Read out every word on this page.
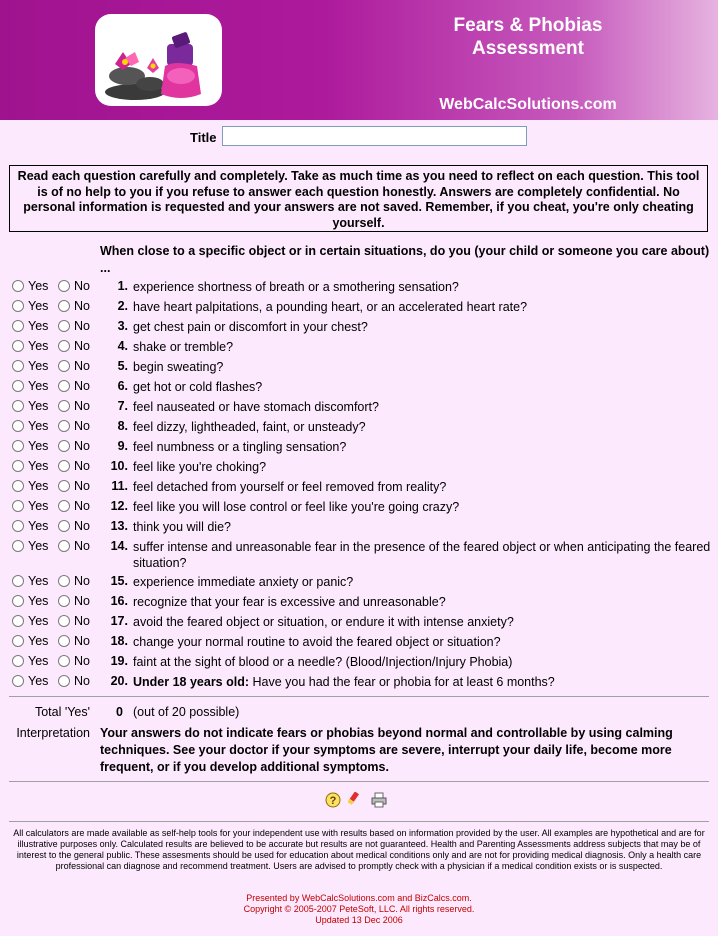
Fears & Phobias
Assessment
WebCalcSolutions.com
Title
Read each question carefully and completely. Take as much time as you need to reflect on each question. This tool is of no help to you if you refuse to answer each question honestly. Answers are completely confidential. No personal information is requested and your answers are not saved. Remember, if you cheat, you're only cheating yourself.
When close to a specific object or in certain situations, do you (your child or someone you care about) ...
Yes No	1. experience shortness of breath or a smothering sensation?
Yes No	2. have heart palpitations, a pounding heart, or an accelerated heart rate?
Yes No	3. get chest pain or discomfort in your chest?
Yes No	4. shake or tremble?
Yes No	5. begin sweating?
Yes No	6. get hot or cold flashes?
Yes No	7. feel nauseated or have stomach discomfort?
Yes No	8. feel dizzy, lightheaded, faint, or unsteady?
Yes No	9. feel numbness or a tingling sensation?
Yes No	10. feel like you're choking?
Yes No	11. feel detached from yourself or feel removed from reality?
Yes No	12. feel like you will lose control or feel like you're going crazy?
Yes No	13. think you will die?
Yes No	14. suffer intense and unreasonable fear in the presence of the feared object or when anticipating the feared situation?
Yes No	15. experience immediate anxiety or panic?
Yes No	16. recognize that your fear is excessive and unreasonable?
Yes No	17. avoid the feared object or situation, or endure it with intense anxiety?
Yes No	18. change your normal routine to avoid the feared object or situation?
Yes No	19. faint at the sight of blood or a needle? (Blood/Injection/Injury Phobia)
Yes No	20. Under 18 years old: Have you had the fear or phobia for at least 6 months?
Total 'Yes' 0 (out of 20 possible)
Interpretation Your answers do not indicate fears or phobias beyond normal and controllable by using calming techniques. See your doctor if your symptoms are severe, interrupt your daily life, become more frequent, or if you develop additional symptoms.
?
All calculators are made available as self-help tools for your independent use with results based on information provided by the user. All examples are hypothetical and are for illustrative purposes only. Calculated results are believed to be accurate but results are not guaranteed. Health and Parenting Assessments address subjects that may be of interest to the general public. These assesments should be used for education about medical conditions only and are not for providing medical diagnosis. Only a health care professional can diagnose and recommend treatment. Users are advised to promptly check with a physician if a medical condition exists or is suspected.
Presented by WebCalcSolutions.com and BizCalcs.com.
Copyright © 2005-2007 PeteSoft, LLC. All rights reserved.
Updated 13 Dec 2006
